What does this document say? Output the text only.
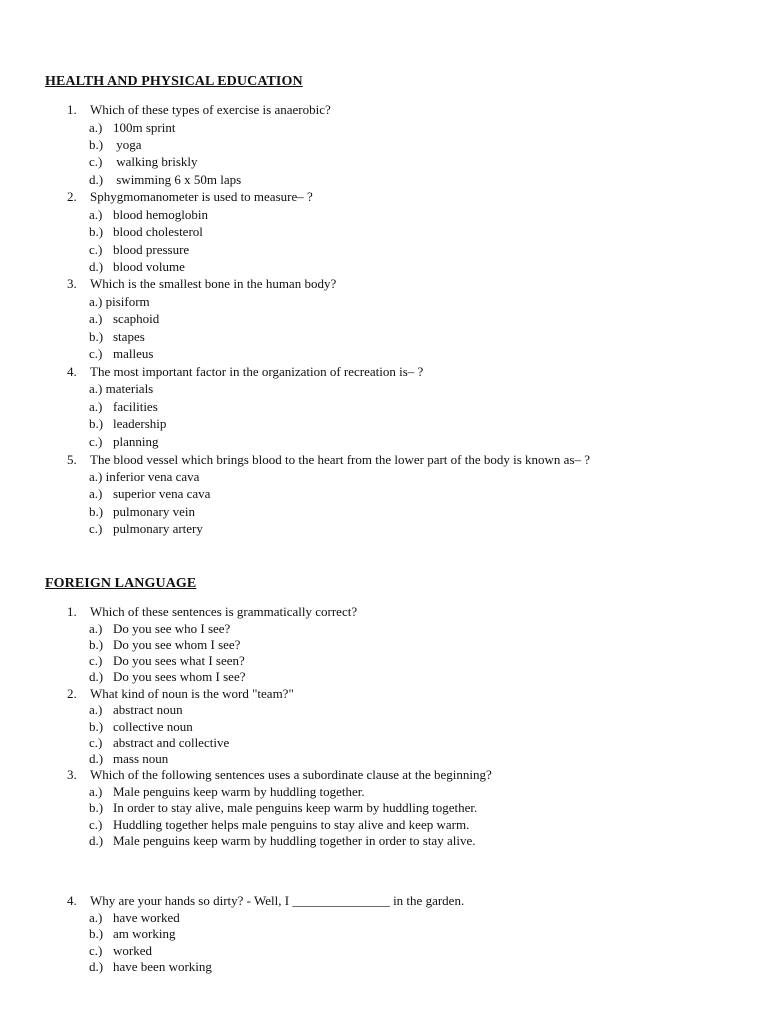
HEALTH AND PHYSICAL EDUCATION
1. Which of these types of exercise is anaerobic?
a.) 100m sprint
b.) yoga
c.) walking briskly
d.) swimming 6 x 50m laps
2. Sphygmomanometer is used to measure– ?
a.) blood hemoglobin
b.) blood cholesterol
c.) blood pressure
d.) blood volume
3. Which is the smallest bone in the human body?
a.) pisiform
a.) scaphoid
b.) stapes
c.) malleus
4. The most important factor in the organization of recreation is– ?
a.) materials
a.) facilities
b.) leadership
c.) planning
5. The blood vessel which brings blood to the heart from the lower part of the body is known as– ?
a.) inferior vena cava
a.) superior vena cava
b.) pulmonary vein
c.) pulmonary artery
FOREIGN LANGUAGE
1. Which of these sentences is grammatically correct?
a.) Do you see who I see?
b.) Do you see whom I see?
c.) Do you sees what I seen?
d.) Do you sees whom I see?
2. What kind of noun is the word "team?"
a.) abstract noun
b.) collective noun
c.) abstract and collective
d.) mass noun
3. Which of the following sentences uses a subordinate clause at the beginning?
a.) Male penguins keep warm by huddling together.
b.) In order to stay alive, male penguins keep warm by huddling together.
c.) Huddling together helps male penguins to stay alive and keep warm.
d.) Male penguins keep warm by huddling together in order to stay alive.
4. Why are your hands so dirty? - Well, I _______________ in the garden.
a.) have worked
b.) am working
c.) worked
d.) have been working
